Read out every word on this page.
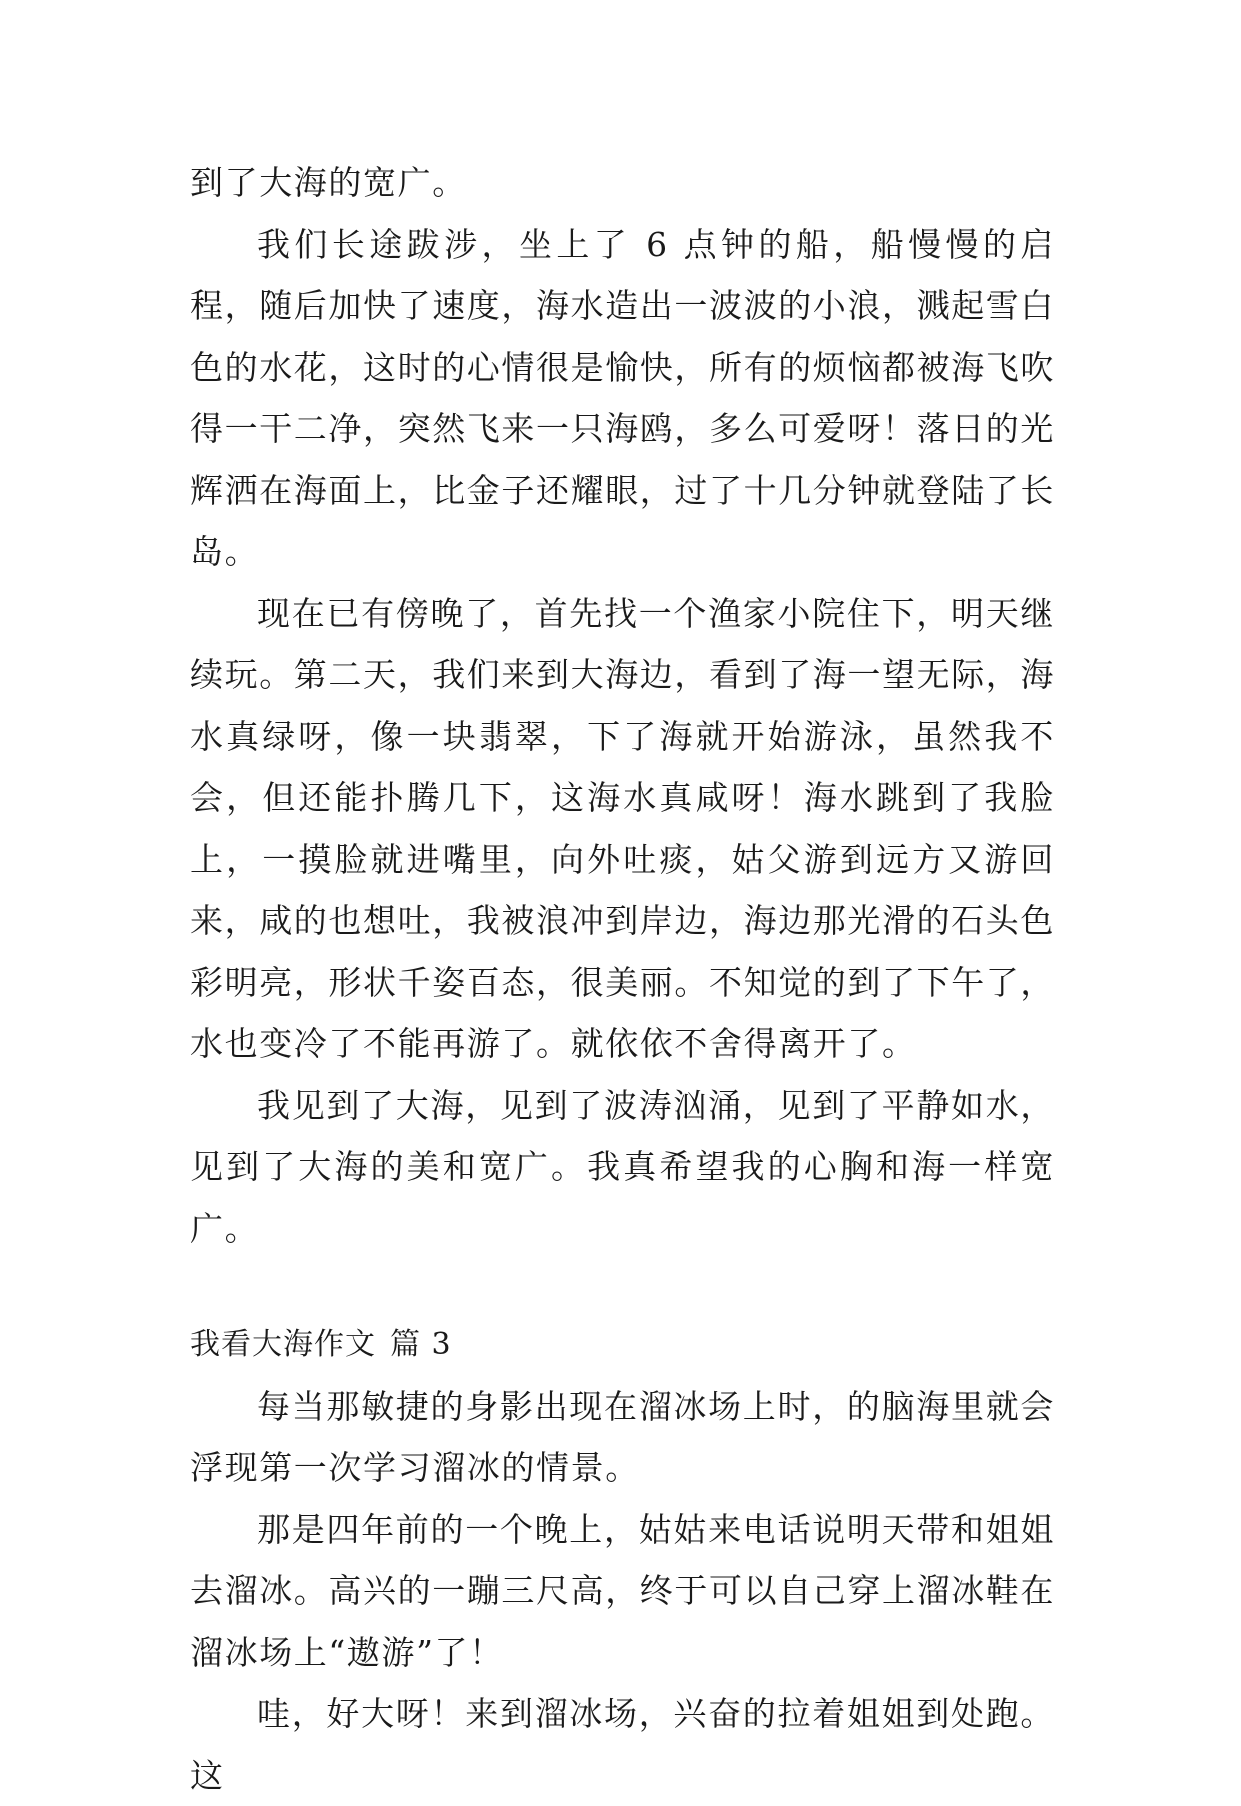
到了大海的宽广。

我们长途跋涉，坐上了 6 点钟的船，船慢慢的启程，随后加快了速度，海水造出一波波的小浪，溅起雪白色的水花，这时的心情很是愉快，所有的烦恼都被海飞吹得一干二净，突然飞来一只海鸥，多么可爱呀！落日的光辉洒在海面上，比金子还耀眼，过了十几分钟就登陆了长岛。

现在已有傍晚了，首先找一个渔家小院住下，明天继续玩。第二天，我们来到大海边，看到了海一望无际，海水真绿呀，像一块翡翠，下了海就开始游泳，虽然我不会，但还能扑腾几下，这海水真咸呀！海水跳到了我脸上，一摸脸就进嘴里，向外吐痰，姑父游到远方又游回来，咸的也想吐，我被浪冲到岸边，海边那光滑的石头色彩明亮，形状千姿百态，很美丽。不知觉的到了下午了，水也变冷了不能再游了。就依依不舍得离开了。

我见到了大海，见到了波涛汹涌，见到了平静如水，见到了大海的美和宽广。我真希望我的心胸和海一样宽广。

我看大海作文 篇 3

每当那敏捷的身影出现在溜冰场上时，的脑海里就会浮现第一次学习溜冰的情景。

那是四年前的一个晚上，姑姑来电话说明天带和姐姐去溜冰。高兴的一蹦三尺高，终于可以自己穿上溜冰鞋在溜冰场上“遨游”了！

哇，好大呀！来到溜冰场，兴奋的拉着姐姐到处跑。这
